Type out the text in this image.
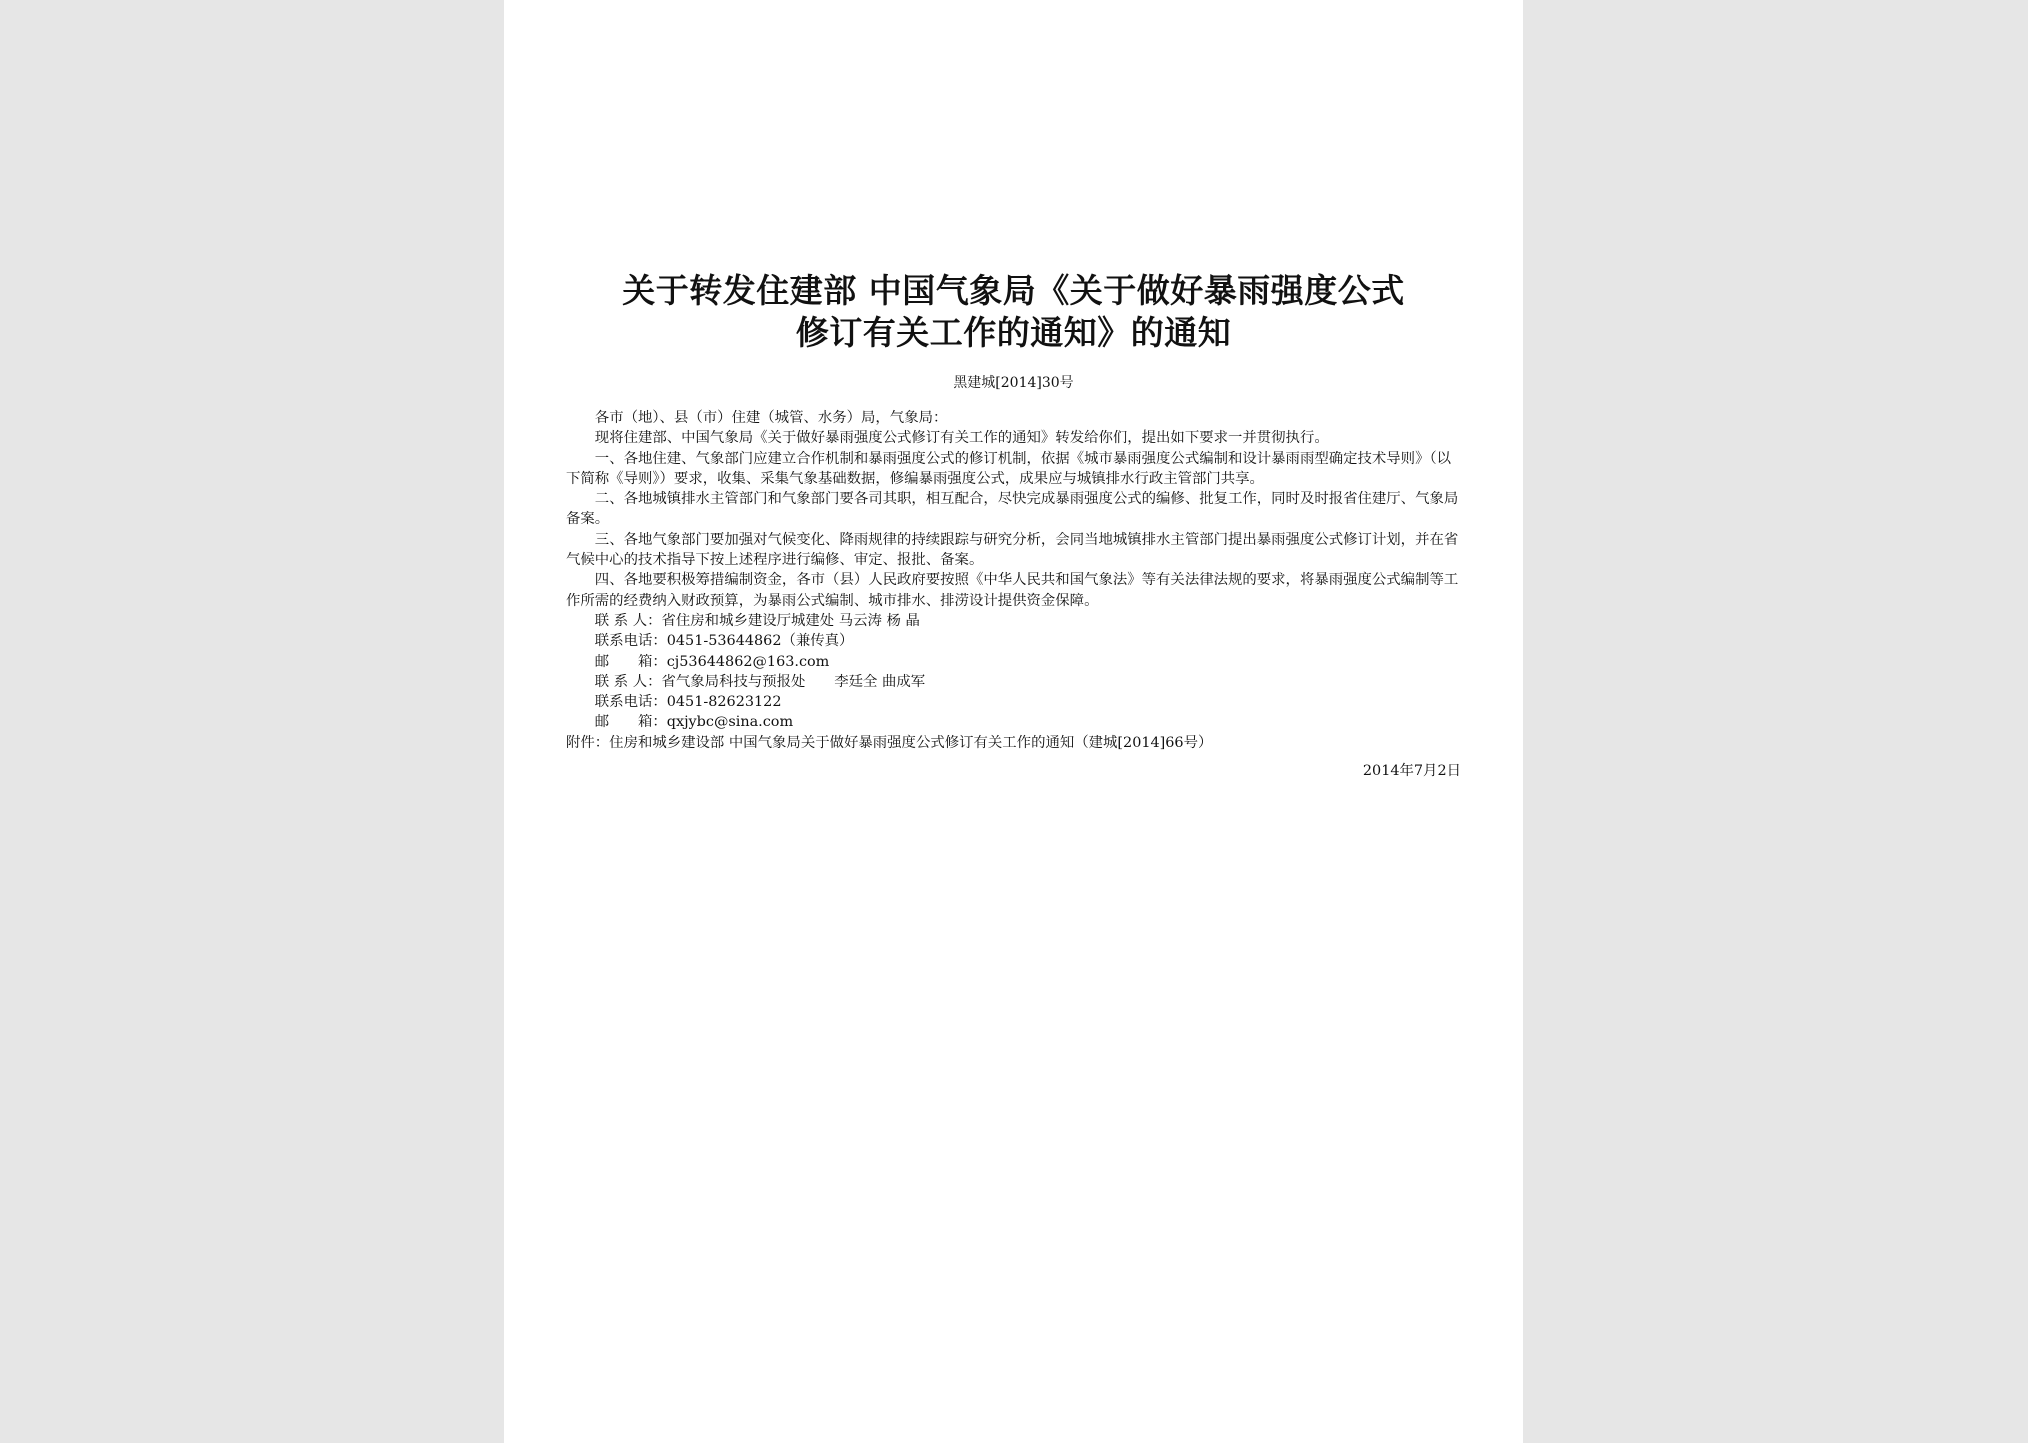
关于转发住建部 中国气象局《关于做好暴雨强度公式
修订有关工作的通知》的通知
黑建城[2014]30号

各市（地）、县（市）住建（城管、水务）局，气象局：

现将住建部、中国气象局《关于做好暴雨强度公式修订有关工作的通知》转发给你们，提出如下要求一并贯彻执行。

一、各地住建、气象部门应建立合作机制和暴雨强度公式的修订机制，依据《城市暴雨强度公式编制和设计暴雨雨型确定技术导则》（以下简称《导则》）要求，收集、采集气象基础数据，修编暴雨强度公式，成果应与城镇排水行政主管部门共享。

二、各地城镇排水主管部门和气象部门要各司其职，相互配合，尽快完成暴雨强度公式的编修、批复工作，同时及时报省住建厅、气象局备案。

三、各地气象部门要加强对气候变化、降雨规律的持续跟踪与研究分析，会同当地城镇排水主管部门提出暴雨强度公式修订计划，并在省气候中心的技术指导下按上述程序进行编修、审定、报批、备案。

四、各地要积极筹措编制资金，各市（县）人民政府要按照《中华人民共和国气象法》等有关法律法规的要求，将暴雨强度公式编制等工作所需的经费纳入财政预算，为暴雨公式编制、城市排水、排涝设计提供资金保障。

联 系 人：省住房和城乡建设厅城建处 马云涛 杨 晶

联系电话：0451-53644862（兼传真）

邮　　箱：cj53644862@163.com

联 系 人：省气象局科技与预报处　　李廷全 曲成军

联系电话：0451-82623122

邮　　箱：qxjybc@sina.com

附件：住房和城乡建设部 中国气象局关于做好暴雨强度公式修订有关工作的通知（建城[2014]66号）

2014年7月2日
